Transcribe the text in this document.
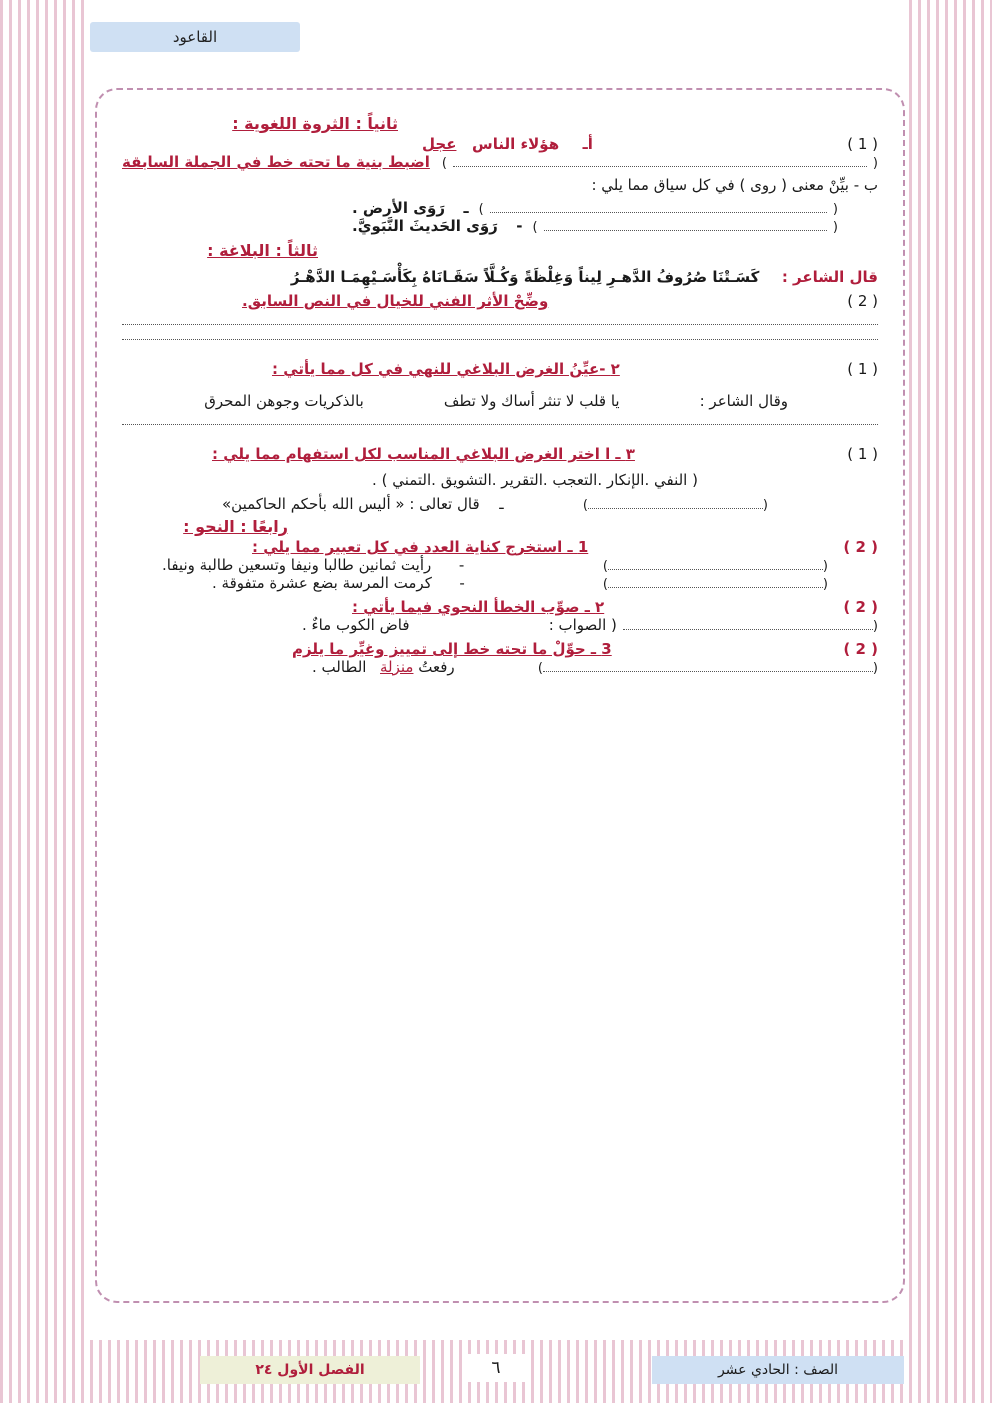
القاعود
ثانياً : الثروة اللغوية :
( 1 )
أـ  هؤلاء الناس  عجل
(
)
اضبط بنية ما تحته خط في الجملة السابقة
ب - بيِّنْ معنى ( روى ) في كل سياق مما يلي :
(
)
ـ  رَوَى الأرض .
(
)
-  رَوَى الحَديثَ النَّبَويَّ.
ثالثاً : البلاغة :
قال الشاعر :  كَسَـتْنَا صُرُوفُ الدَّهـرِ لِيناً وَغِلْظَةً وَكُـلَّاً سَقَـانَاهُ بِكَأْسَـيْهِمَـا الدَّهْـرُ
( 2 )
وضِّحْ الأثر الفني للخيال في النص السابق.
( 1 )
٢ -عيِّنُ الغرض البلاغي للنهي في كل مما يأتي :
وقال الشاعر :
يا قلب لا تنثر أساك ولا تطف
بالذكريات وجوهن المحرق
( 1 )
٣ ـ ا اختر الغرض البلاغي المناسب لكل استفهام مما يلي :
( النفي .الإنكار .التعجب .التقرير .التشويق .التمني ) .
(
)
ـ  قال تعالى : « أليس الله بأحكم الحاكمين»
رابعًا : النحو :
( 2 )
1 ـ استخرج كناية العدد في كل تعبير مما يلي :
(
)
-  رأيت ثمانين طالبا ونيفا وتسعين طالبة ونيفا.
(
)
-  كرمت المرسة بضع عشرة متفوقة .
( 2 )
٢ ـ صوِّب الخطأ النحوي فيما يأتي :
(
( الصواب :
فاض الكوب ماءٌ .
( 2 )
3 ـ حوِّلْ ما تحته خط إلى تمييز وغيِّر ما يلزم
(
)
رفعتُ منزلة  الطالب .
الصف : الحادي عشر
٦
الفصل الأول ٢٤
